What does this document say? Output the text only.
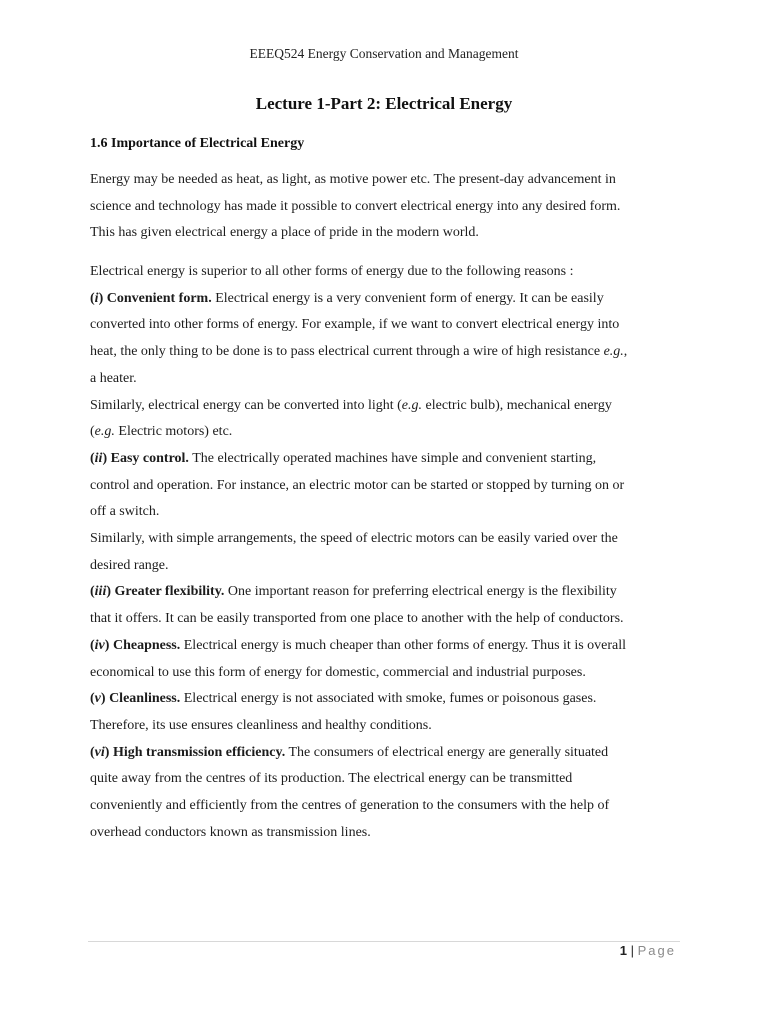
EEEQ524 Energy Conservation and Management
Lecture 1-Part 2: Electrical Energy
1.6 Importance of Electrical Energy
Energy may be needed as heat, as light, as motive power etc. The present-day advancement in
science and technology has made it possible to convert electrical energy into any desired form.
This has given electrical energy a place of pride in the modern world.
Electrical energy is superior to all other forms of energy due to the following reasons :
(i) Convenient form. Electrical energy is a very convenient form of energy. It can be easily
converted into other forms of energy. For example, if we want to convert electrical energy into
heat, the only thing to be done is to pass electrical current through a wire of high resistance e.g.,
a heater.
Similarly, electrical energy can be converted into light (e.g. electric bulb), mechanical energy
(e.g. Electric motors) etc.
(ii) Easy control. The electrically operated machines have simple and convenient starting,
control and operation. For instance, an electric motor can be started or stopped by turning on or
off a switch.
Similarly, with simple arrangements, the speed of electric motors can be easily varied over the
desired range.
(iii) Greater flexibility. One important reason for preferring electrical energy is the flexibility
that it offers. It can be easily transported from one place to another with the help of conductors.
(iv) Cheapness. Electrical energy is much cheaper than other forms of energy. Thus it is overall
economical to use this form of energy for domestic, commercial and industrial purposes.
(v) Cleanliness. Electrical energy is not associated with smoke, fumes or poisonous gases.
Therefore, its use ensures cleanliness and healthy conditions.
(vi) High transmission efficiency. The consumers of electrical energy are generally situated
quite away from the centres of its production. The electrical energy can be transmitted
conveniently and efficiently from the centres of generation to the consumers with the help of
overhead conductors known as transmission lines.
1 | Page
